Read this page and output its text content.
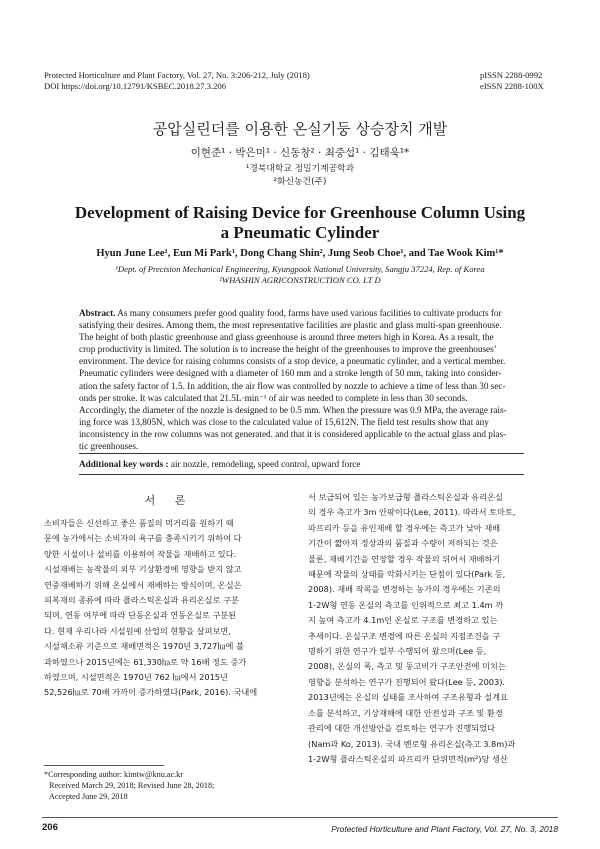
Protected Horticulture and Plant Factory, Vol. 27, No. 3:206-212, July (2018)
DOI https://doi.org/10.12791/KSBEC.2018.27.3.206
pISSN 2288-0992
eISSN 2288-100X
공압실린더를 이용한 온실기둥 상승장치 개발
이현준¹ · 박은미¹ · 신동창² · 최중섭¹ · 김태욱¹*
¹경북대학교 정밀기계공학과
²화신농건(주)
Development of Raising Device for Greenhouse Column Using
a Pneumatic Cylinder
Hyun June Lee¹, Eun Mi Park¹, Dong Chang Shin², Jung Seob Choe¹, and Tae Wook Kim¹*
¹Dept. of Precision Mechanical Engineering, Kyungpook National University, Sangju 37224, Rep. of Korea
²WHASHIN AGRICONSTRUCTION CO. LT D
Abstract. As many consumers prefer good quality food, farms have used various facilities to cultivate products for
satisfying their desires. Among them, the most representative facilities are plastic and glass multi-span greenhouse.
The height of both plastic greenhouse and glass greenhouse is around three meters high in Korea. As a result, the
crop productivity is limited. The solution is to increase the height of the greenhouses to improve the greenhouses’
environment. The device for raising columns consists of a stop device, a pneumatic cylinder, and a vertical member.
Pneumatic cylinders were designed with a diameter of 160 mm and a stroke length of 50 mm, taking into consider-
ation the safety factor of 1.5. In addition, the air flow was controlled by nozzle to achieve a time of less than 30 sec-
onds per stroke. It was calculated that 21.5L·min⁻¹ of air was needed to complete in less than 30 seconds.
Accordingly, the diameter of the nozzle is designed to be 0.5 mm. When the pressure was 0.9 MPa, the average rais-
ing force was 13,805N, which was close to the calculated value of 15,612N. The field test results show that any
inconsistency in the row columns was not generated. and that it is considered applicable to the actual glass and plas-
tic greenhouses.
Additional key words : air nozzle, remodeling, speed control, upward force
서 론
소비자들은 신선하고 좋은 품질의 먹거리를 원하기 때
문에 농가에서는 소비자의 욕구를 충족시키기 위하여 다
양한 시설이나 설비를 이용하여 작물을 재배하고 있다.
시설재배는 농작물의 외부 기상환경에 영향을 받지 않고
연중재배하기 위해 온실에서 재배하는 방식이며, 온실은
피복재의 종류에 따라 플라스틱온실과 유리온실로 구분
되며, 연동 여부에 따라 단동온실과 연동온실로 구분된
다. 현재 우리나라 시설원예 산업의 현황을 살펴보면,
시설채소류 기준으로 재배면적은 1970년 3,727㏊에 불
과하였으나 2015년에는 61,330㏊로 약 16배 정도 증가
하였으며, 시설면적은 1970년 762 ㏊에서 2015년
52,526㏊로 70배 가까이 증가하였다(Park, 2016). 국내에
서 보급되어 있는 농가보급형 플라스틱온실과 유리온실
의 경우 측고가 3m 안팎이다(Lee, 2011). 따라서 토마토,
파프리카 등을 유인재배 할 경우에는 측고가 낮아 재배
기간이 짧아져 정상과의 품질과 수량이 저하되는 것은
물론, 재배기간을 연장할 경우 작물의 뒤어서 재배하기
때문에 작물의 상태를 악화시키는 단점이 있다(Park 등,
2008). 재배 작목을 변경하는 농가의 경우에는 기존의
1-2W형 연동 온실의 측고를 인위적으로 최고 1.4m 까
지 높여 측고가 4.1m인 온실로 구조를 변경하고 있는
추세이다. 온실구조 변경에 따른 온실의 지점조건을 구
명하기 위한 연구가 일부 수행되어 왔으며(Lee 등,
2008), 온실의 폭, 측고 및 동고비가 구조안전에 미치는
영향을 분석하는 연구가 진행되어 왔다(Lee 등, 2003).
2013년에는 온실의 실태를 조사하여 구조유형과 설계요
소를 분석하고, 기상재해에 대한 안전성과 구조 및 환경
관리에 대한 개선방안을 검토하는 연구가 진행되었다
(Nam과 Ko, 2013). 국내 벤로형 유리온실(측고 3.8m)과
1-2W형 플라스틱온실의 파프리카 단위면적(m²)당 생산
*Corresponding author: kimtw@knu.ac.kr
Received March 29, 2018; Revised June 28, 2018;
Accepted June 29, 2018
206	Protected Horticulture and Plant Factory, Vol. 27, No. 3, 2018
